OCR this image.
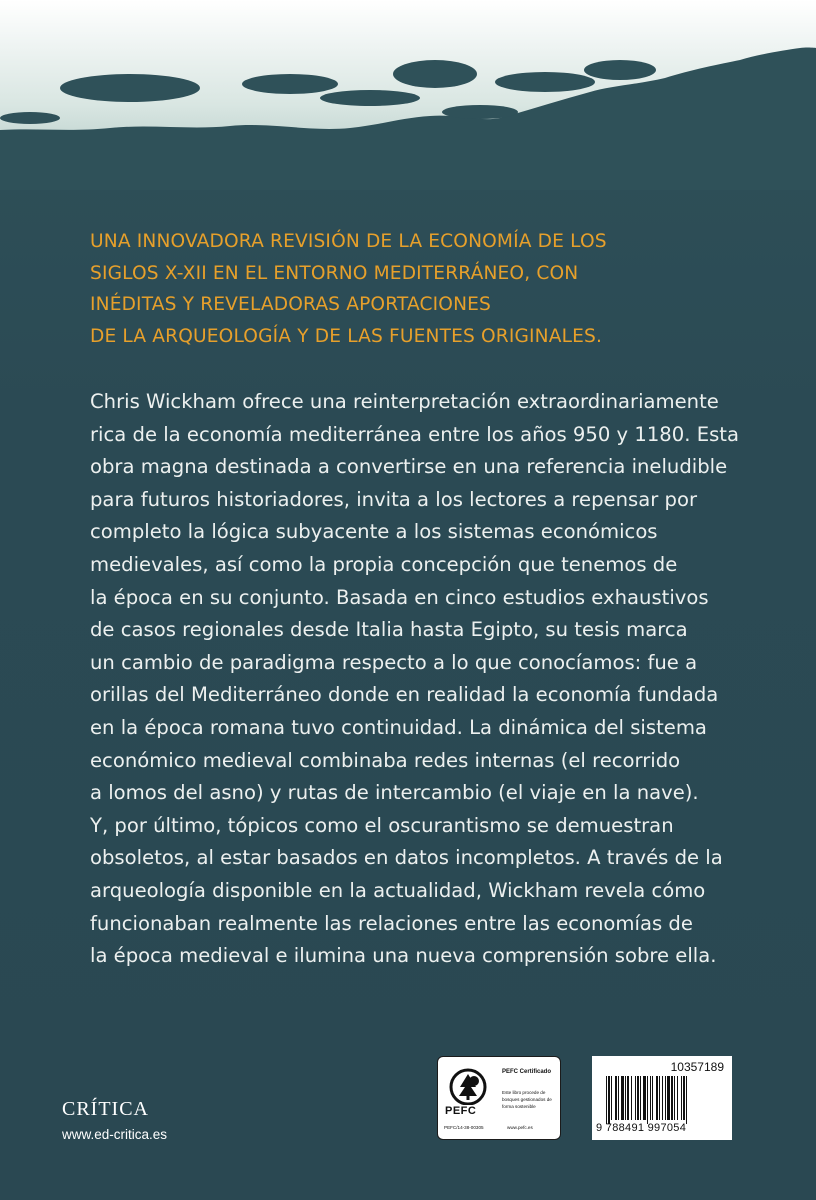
UNA INNOVADORA REVISIÓN DE LA ECONOMÍA DE LOS
SIGLOS X-XII EN EL ENTORNO MEDITERRÁNEO, CON
INÉDITAS Y REVELADORAS APORTACIONES
DE LA ARQUEOLOGÍA Y DE LAS FUENTES ORIGINALES.

Chris Wickham ofrece una reinterpretación extraordinariamente
rica de la economía mediterránea entre los años 950 y 1180. Esta
obra magna destinada a convertirse en una referencia ineludible
para futuros historiadores, invita a los lectores a repensar por
completo la lógica subyacente a los sistemas económicos
medievales, así como la propia concepción que tenemos de
la época en su conjunto. Basada en cinco estudios exhaustivos
de casos regionales desde Italia hasta Egipto, su tesis marca
un cambio de paradigma respecto a lo que conocíamos: fue a
orillas del Mediterráneo donde en realidad la economía fundada
en la época romana tuvo continuidad. La dinámica del sistema
económico medieval combinaba redes internas (el recorrido
a lomos del asno) y rutas de intercambio (el viaje en la nave).
Y, por último, tópicos como el oscurantismo se demuestran
obsoletos, al estar basados en datos incompletos. A través de la
arqueología disponible en la actualidad, Wickham revela cómo
funcionaban realmente las relaciones entre las economías de
la época medieval e ilumina una nueva comprensión sobre ella.

CRÍTICA
www.ed-critica.es
PEFC
PEFC Certificado
Este libro procede de bosques gestionados de forma sostenible
PEFC/14-38-00305	www.pefc.es
10357189
9 788491 997054
